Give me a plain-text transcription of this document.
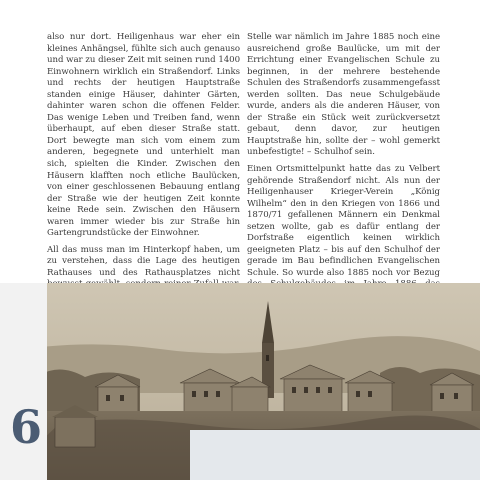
also nur dort. Heiligenhaus war eher ein kleines Anhängsel, fühlte sich auch genauso und war zu dieser Zeit mit seinen rund 1400 Einwohnern wirklich ein Straßendorf. Links und rechts der heutigen Hauptstraße standen einige Häuser, dahinter Gärten, dahinter waren schon die offenen Felder. Das wenige Leben und Treiben fand, wenn überhaupt, auf eben dieser Straße statt. Dort bewegte man sich vom einem zum anderen, begegnete und unterhielt man sich, spielten die Kinder. Zwischen den Häusern klafften noch etliche Baulücken, von einer geschlossenen Bebauung entlang der Straße wie der heutigen Zeit konnte keine Rede sein. Zwischen den Häusern waren immer wieder bis zur Straße hin Gartengrundstücke der Einwohner.

All das muss man im Hinterkopf haben, um zu verstehen, dass die Lage des heutigen Rathauses und des Rathausplatzes nicht

Stelle war nämlich im Jahre 1885 noch eine ausreichend große Baulücke, um mit der Errichtung einer Evangelischen Schule zu beginnen, in der mehrere bestehende Schulen des Straßendorfs zusammengefasst werden sollten. Das neue Schulgebäude wurde, anders als die anderen Häuser, von der Straße ein Stück weit zurückversetzt gebaut, denn davor, zur heutigen Hauptstraße hin, sollte der – wohl gemerkt unbefestigte! – Schulhof sein.

Einen Ortsmittelpunkt hatte das zu Velbert gehörende Straßendorf nicht. Als nun der Heiligenhauser Krieger-Verein „König Wilhelm“ den in den Kriegen von 1866 und 1870/71 gefallenen Männern ein Denkmal setzen wollte, gab es dafür entlang der Dorfstraße eigentlich keinen wirklich geeigneten Platz – bis auf den Schulhof der gerade im Bau befindlichen Evangelischen Schule. So wurde also 1885 noch vor Bezug

6
